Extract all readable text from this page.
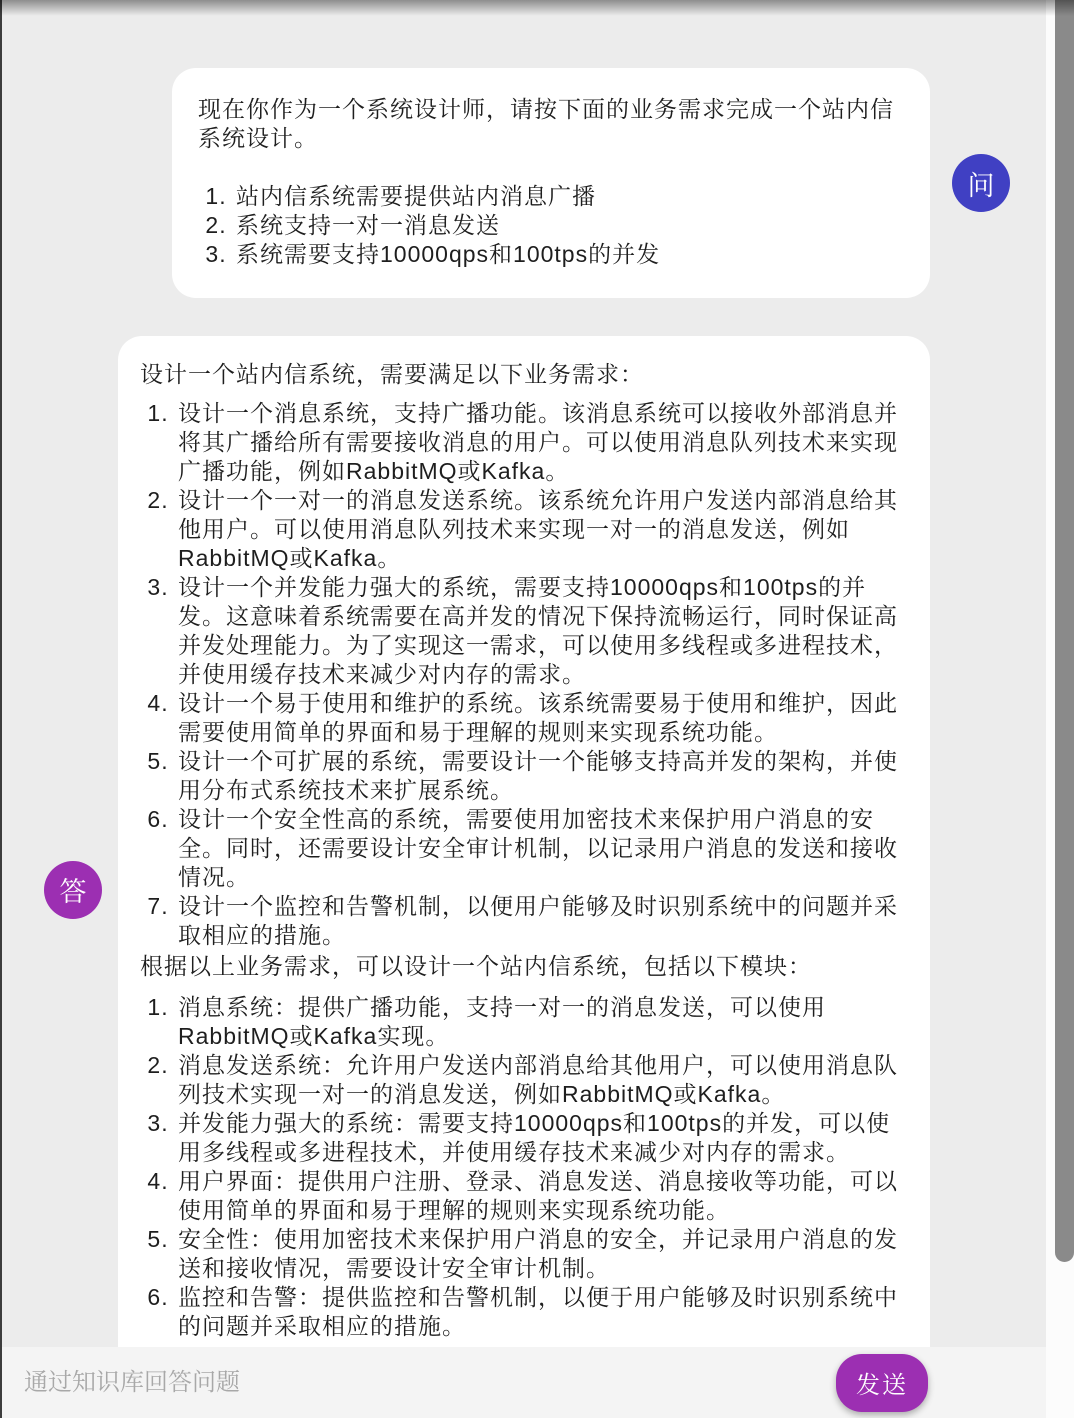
现在你作为一个系统设计师，请按下面的业务需求完成一个站内信系统设计。

1. 站内信系统需要提供站内消息广播
2. 系统支持一对一消息发送
3. 系统需要支持10000qps和100tps的并发
问
答

设计一个站内信系统，需要满足以下业务需求：

1. 设计一个消息系统，支持广播功能。该消息系统可以接收外部消息并将其广播给所有需要接收消息的用户。可以使用消息队列技术来实现广播功能，例如RabbitMQ或Kafka。
2. 设计一个一对一的消息发送系统。该系统允许用户发送内部消息给其他用户。可以使用消息队列技术来实现一对一的消息发送，例如RabbitMQ或Kafka。
3. 设计一个并发能力强大的系统，需要支持10000qps和100tps的并发。这意味着系统需要在高并发的情况下保持流畅运行，同时保证高并发处理能力。为了实现这一需求，可以使用多线程或多进程技术，并使用缓存技术来减少对内存的需求。
4. 设计一个易于使用和维护的系统。该系统需要易于使用和维护，因此需要使用简单的界面和易于理解的规则来实现系统功能。
5. 设计一个可扩展的系统，需要设计一个能够支持高并发的架构，并使用分布式系统技术来扩展系统。
6. 设计一个安全性高的系统，需要使用加密技术来保护用户消息的安全。同时，还需要设计安全审计机制，以记录用户消息的发送和接收情况。
7. 设计一个监控和告警机制，以便用户能够及时识别系统中的问题并采取相应的措施。

根据以上业务需求，可以设计一个站内信系统，包括以下模块：

1. 消息系统：提供广播功能，支持一对一的消息发送，可以使用RabbitMQ或Kafka实现。
2. 消息发送系统：允许用户发送内部消息给其他用户，可以使用消息队列技术实现一对一的消息发送，例如RabbitMQ或Kafka。
3. 并发能力强大的系统：需要支持10000qps和100tps的并发，可以使用多线程或多进程技术，并使用缓存技术来减少对内存的需求。
4. 用户界面：提供用户注册、登录、消息发送、消息接收等功能，可以使用简单的界面和易于理解的规则来实现系统功能。
5. 安全性：使用加密技术来保护用户消息的安全，并记录用户消息的发送和接收情况，需要设计安全审计机制。
6. 监控和告警：提供监控和告警机制，以便于用户能够及时识别系统中的问题并采取相应的措施。
通过知识库回答问题
发送
